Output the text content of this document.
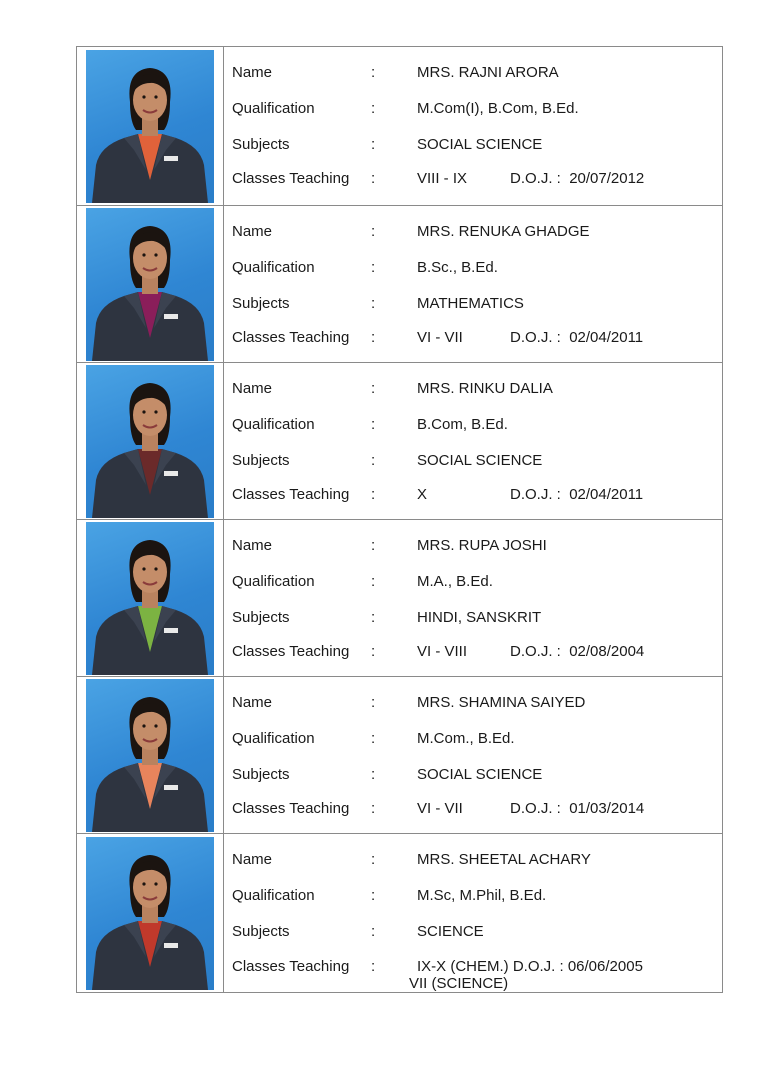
Name	:	MRS. RAJNI ARORA
Qualification	:	M.Com(I), B.Com, B.Ed.
Subjects	:	SOCIAL SCIENCE
Classes Teaching :	VIII - IX	D.O.J. : 20/07/2012
Name	:	MRS. RENUKA GHADGE
Qualification	:	B.Sc., B.Ed.
Subjects	:	MATHEMATICS
Classes Teaching :	VI - VII	D.O.J. : 02/04/2011
Name	:	MRS. RINKU DALIA
Qualification	:	B.Com, B.Ed.
Subjects	:	SOCIAL SCIENCE
Classes Teaching :	X	D.O.J. : 02/04/2011
Name	:	MRS. RUPA JOSHI
Qualification	:	M.A., B.Ed.
Subjects	:	HINDI, SANSKRIT
Classes Teaching :	VI - VIII	D.O.J. : 02/08/2004
Name	:	MRS. SHAMINA SAIYED
Qualification	:	M.Com., B.Ed.
Subjects	:	SOCIAL SCIENCE
Classes Teaching :	VI - VII	D.O.J. : 01/03/2014
Name	:	MRS. SHEETAL ACHARY
Qualification	:	M.Sc, M.Phil, B.Ed.
Subjects	:	SCIENCE
Classes Teaching :	IX-X (CHEM.) D.O.J. : 06/06/2005
VII (SCIENCE)
